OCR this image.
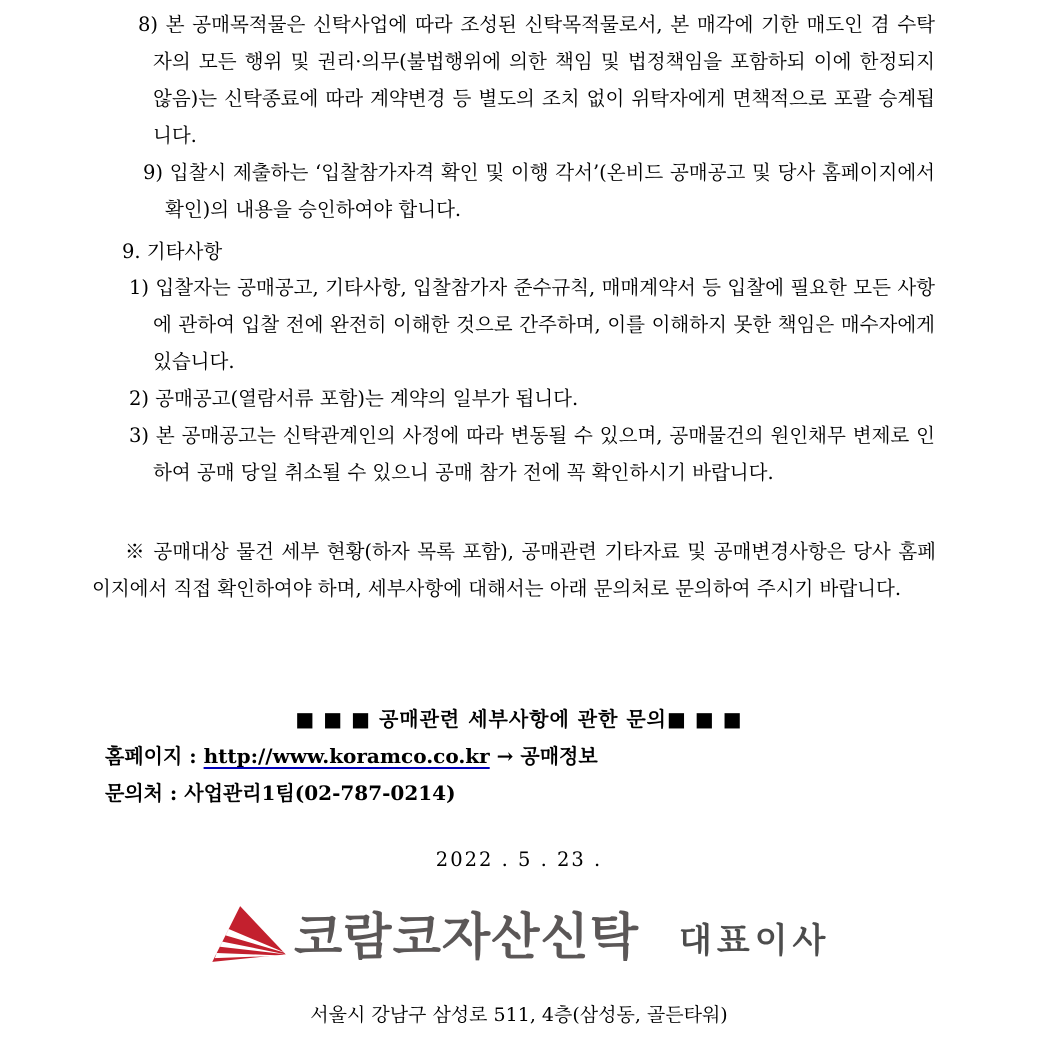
8) 본 공매목적물은 신탁사업에 따라 조성된 신탁목적물로서, 본 매각에 기한 매도인 겸 수탁자의 모든 행위 및 권리·의무(불법행위에 의한 책임 및 법정책임을 포함하되 이에 한정되지 않음)는 신탁종료에 따라 계약변경 등 별도의 조치 없이 위탁자에게 면책적으로 포괄 승계됩니다.
9) 입찰시 제출하는 ‘입찰참가자격 확인 및 이행 각서’(온비드 공매공고 및 당사 홈페이지에서 확인)의 내용을 승인하여야 합니다.
9. 기타사항
1) 입찰자는 공매공고, 기타사항, 입찰참가자 준수규칙, 매매계약서 등 입찰에 필요한 모든 사항에 관하여 입찰 전에 완전히 이해한 것으로 간주하며, 이를 이해하지 못한 책임은 매수자에게 있습니다.
2) 공매공고(열람서류 포함)는 계약의 일부가 됩니다.
3) 본 공매공고는 신탁관계인의 사정에 따라 변동될 수 있으며, 공매물건의 원인채무 변제로 인하여 공매 당일 취소될 수 있으니 공매 참가 전에 꼭 확인하시기 바랍니다.
※ 공매대상 물건 세부 현황(하자 목록 포함), 공매관련 기타자료 및 공매변경사항은 당사 홈페이지에서 직접 확인하여야 하며, 세부사항에 대해서는 아래 문의처로 문의하여 주시기 바랍니다.
■ ■ ■ 공매관련 세부사항에 관한 문의■ ■ ■
홈페이지 : http://www.koramco.co.kr → 공매정보
문의처 : 사업관리1팀(02-787-0214)
2022 . 5 . 23 .
코람코자산신탁 대표이사
서울시 강남구 삼성로 511, 4층(삼성동, 골든타워)
